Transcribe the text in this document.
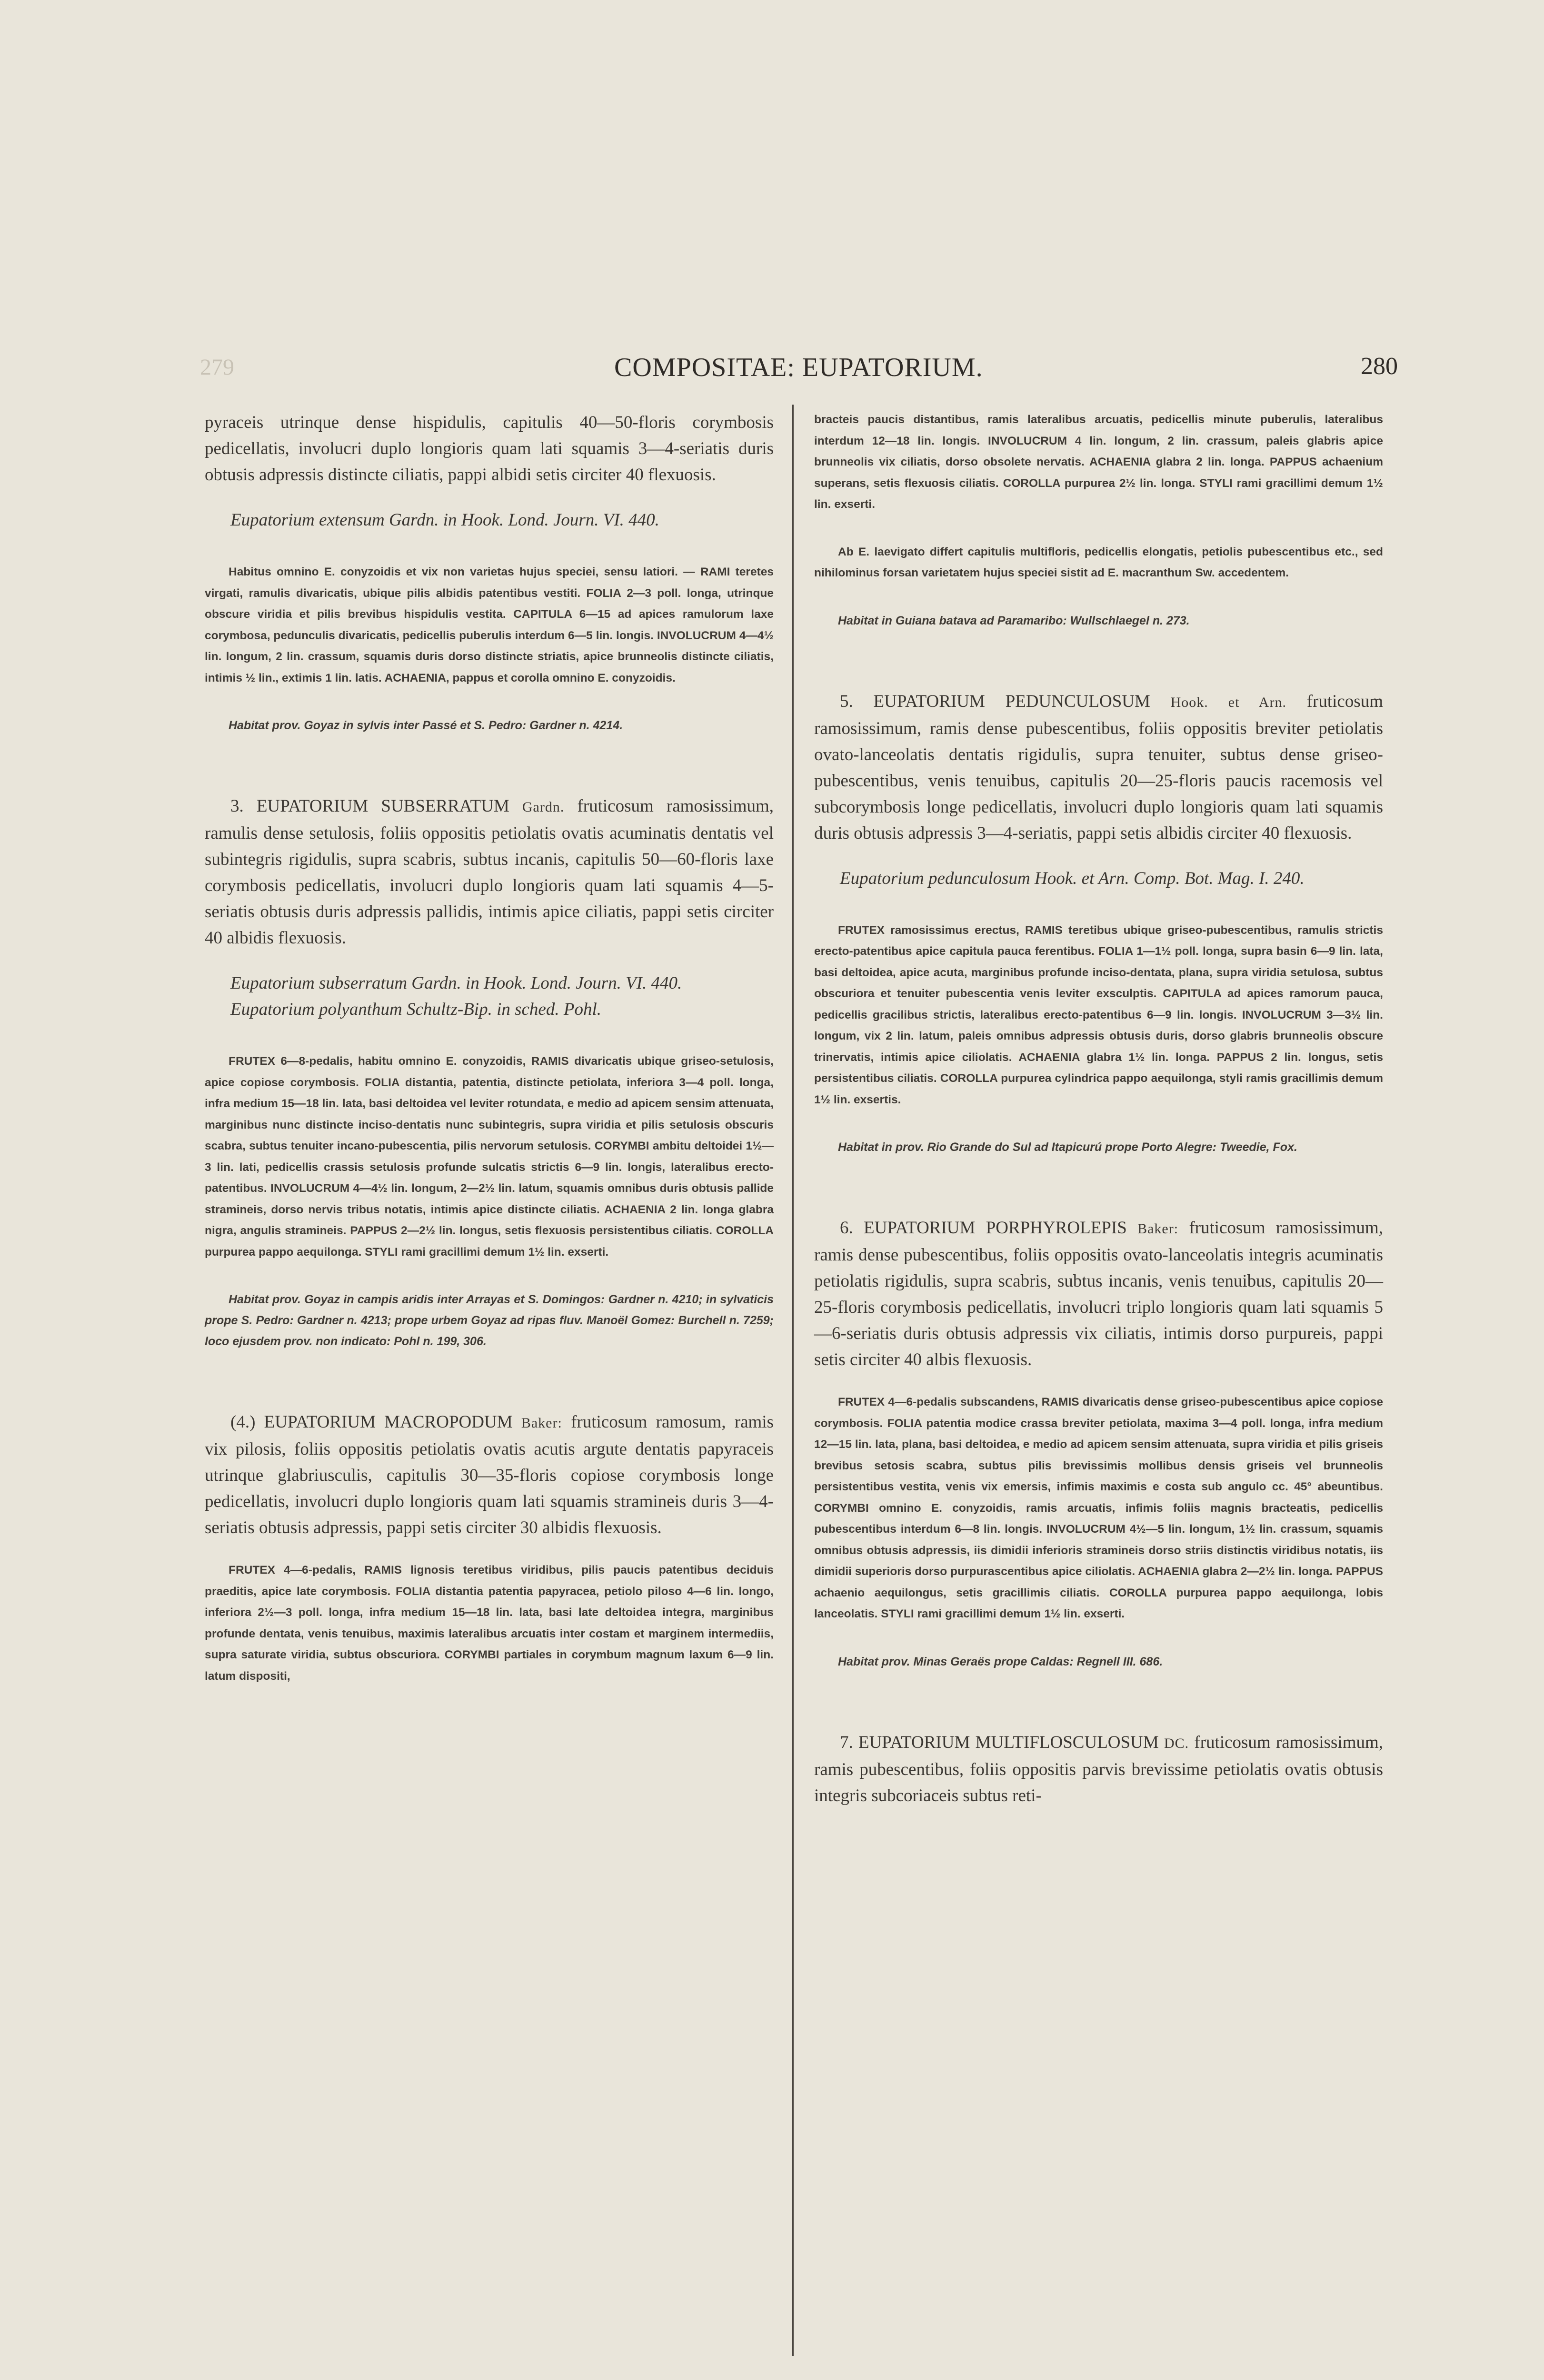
279	COMPOSITAE: EUPATORIUM.	280

pyraceis utrinque dense hispidulis, capitulis 40—50-floris corymbosis pedicellatis, involucri duplo longioris quam lati squamis 3—4-seriatis duris obtusis adpressis distincte ciliatis, pappi albidi setis circiter 40 flexuosis.

Eupatorium extensum Gardn. in Hook. Lond. Journ. VI. 440.

Habitus omnino E. conyzoidis et vix non varietas hujus speciei, sensu latiori. — RAMI teretes virgati, ramulis divaricatis, ubique pilis albidis patentibus vestiti. FOLIA 2—3 poll. longa, utrinque obscure viridia et pilis brevibus hispidulis vestita. CAPITULA 6—15 ad apices ramulorum laxe corymbosa, pedunculis divaricatis, pedicellis puberulis interdum 6—5 lin. longis. INVOLUCRUM 4—4½ lin. longum, 2 lin. crassum, squamis duris dorso distincte striatis, apice brunneolis distincte ciliatis, intimis ½ lin., extimis 1 lin. latis. ACHAENIA, pappus et corolla omnino E. conyzoidis.

Habitat prov. Goyaz in sylvis inter Passé et S. Pedro: Gardner n. 4214.

3. EUPATORIUM SUBSERRATUM Gardn. fruticosum ramosissimum, ramulis dense setulosis, foliis oppositis petiolatis ovatis acuminatis dentatis vel subintegris rigidulis, supra scabris, subtus incanis, capitulis 50—60-floris laxe corymbosis pedicellatis, involucri duplo longioris quam lati squamis 4—5-seriatis obtusis duris adpressis pallidis, intimis apice ciliatis, pappi setis circiter 40 albidis flexuosis.

Eupatorium subserratum Gardn. in Hook. Lond. Journ. VI. 440.

Eupatorium polyanthum Schultz-Bip. in sched. Pohl.

FRUTEX 6—8-pedalis, habitu omnino E. conyzoidis, RAMIS divaricatis ubique griseo-setulosis, apice copiose corymbosis. FOLIA distantia, patentia, distincte petiolata, inferiora 3—4 poll. longa, infra medium 15—18 lin. lata, basi deltoidea vel leviter rotundata, e medio ad apicem sensim attenuata, marginibus nunc distincte inciso-dentatis nunc subintegris, supra viridia et pilis setulosis obscuris scabra, subtus tenuiter incano-pubescentia, pilis nervorum setulosis. CORYMBI ambitu deltoidei 1½—3 lin. lati, pedicellis crassis setulosis profunde sulcatis strictis 6—9 lin. longis, lateralibus erecto-patentibus. INVOLUCRUM 4—4½ lin. longum, 2—2½ lin. latum, squamis omnibus duris obtusis pallide stramineis, dorso nervis tribus notatis, intimis apice distincte ciliatis. ACHAENIA 2 lin. longa glabra nigra, angulis stramineis. PAPPUS 2—2½ lin. longus, setis flexuosis persistentibus ciliatis. COROLLA purpurea pappo aequilonga. STYLI rami gracillimi demum 1½ lin. exserti.

Habitat prov. Goyaz in campis aridis inter Arrayas et S. Domingos: Gardner n. 4210; in sylvaticis prope S. Pedro: Gardner n. 4213; prope urbem Goyaz ad ripas fluv. Manoël Gomez: Burchell n. 7259; loco ejusdem prov. non indicato: Pohl n. 199, 306.

(4.) EUPATORIUM MACROPODUM Baker: fruticosum ramosum, ramis vix pilosis, foliis oppositis petiolatis ovatis acutis argute dentatis papyraceis utrinque glabriusculis, capitulis 30—35-floris copiose corymbosis longe pedicellatis, involucri duplo longioris quam lati squamis stramineis duris 3—4-seriatis obtusis adpressis, pappi setis circiter 30 albidis flexuosis.

FRUTEX 4—6-pedalis, RAMIS lignosis teretibus viridibus, pilis paucis patentibus deciduis praeditis, apice late corymbosis. FOLIA distantia patentia papyracea, petiolo piloso 4—6 lin. longo, inferiora 2½—3 poll. longa, infra medium 15—18 lin. lata, basi late deltoidea integra, marginibus profunde dentata, venis tenuibus, maximis lateralibus arcuatis inter costam et marginem intermediis, supra saturate viridia, subtus obscuriora. CORYMBI partiales in corymbum magnum laxum 6—9 lin. latum dispositi,

bracteis paucis distantibus, ramis lateralibus arcuatis, pedicellis minute puberulis, lateralibus interdum 12—18 lin. longis. INVOLUCRUM 4 lin. longum, 2 lin. crassum, paleis glabris apice brunneolis vix ciliatis, dorso obsolete nervatis. ACHAENIA glabra 2 lin. longa. PAPPUS achaenium superans, setis flexuosis ciliatis. COROLLA purpurea 2½ lin. longa. STYLI rami gracillimi demum 1½ lin. exserti.

Ab E. laevigato differt capitulis multifloris, pedicellis elongatis, petiolis pubescentibus etc., sed nihilominus forsan varietatem hujus speciei sistit ad E. macranthum Sw. accedentem.

Habitat in Guiana batava ad Paramaribo: Wullschlaegel n. 273.

5. EUPATORIUM PEDUNCULOSUM Hook. et Arn. fruticosum ramosissimum, ramis dense pubescentibus, foliis oppositis breviter petiolatis ovato-lanceolatis dentatis rigidulis, supra tenuiter, subtus dense griseo-pubescentibus, venis tenuibus, capitulis 20—25-floris paucis racemosis vel subcorymbosis longe pedicellatis, involucri duplo longioris quam lati squamis duris obtusis adpressis 3—4-seriatis, pappi setis albidis circiter 40 flexuosis.

Eupatorium pedunculosum Hook. et Arn. Comp. Bot. Mag. I. 240.

FRUTEX ramosissimus erectus, RAMIS teretibus ubique griseo-pubescentibus, ramulis strictis erecto-patentibus apice capitula pauca ferentibus. FOLIA 1—1½ poll. longa, supra basin 6—9 lin. lata, basi deltoidea, apice acuta, marginibus profunde inciso-dentata, plana, supra viridia setulosa, subtus obscuriora et tenuiter pubescentia venis leviter exsculptis. CAPITULA ad apices ramorum pauca, pedicellis gracilibus strictis, lateralibus erecto-patentibus 6—9 lin. longis. INVOLUCRUM 3—3½ lin. longum, vix 2 lin. latum, paleis omnibus adpressis obtusis duris, dorso glabris brunneolis obscure trinervatis, intimis apice ciliolatis. ACHAENIA glabra 1½ lin. longa. PAPPUS 2 lin. longus, setis persistentibus ciliatis. COROLLA purpurea cylindrica pappo aequilonga, styli ramis gracillimis demum 1½ lin. exsertis.

Habitat in prov. Rio Grande do Sul ad Itapicurú prope Porto Alegre: Tweedie, Fox.

6. EUPATORIUM PORPHYROLEPIS Baker: fruticosum ramosissimum, ramis dense pubescentibus, foliis oppositis ovato-lanceolatis integris acuminatis petiolatis rigidulis, supra scabris, subtus incanis, venis tenuibus, capitulis 20—25-floris corymbosis pedicellatis, involucri triplo longioris quam lati squamis 5—6-seriatis duris obtusis adpressis vix ciliatis, intimis dorso purpureis, pappi setis circiter 40 albis flexuosis.

FRUTEX 4—6-pedalis subscandens, RAMIS divaricatis dense griseo-pubescentibus apice copiose corymbosis. FOLIA patentia modice crassa breviter petiolata, maxima 3—4 poll. longa, infra medium 12—15 lin. lata, plana, basi deltoidea, e medio ad apicem sensim attenuata, supra viridia et pilis griseis brevibus setosis scabra, subtus pilis brevissimis mollibus densis griseis vel brunneolis persistentibus vestita, venis vix emersis, infimis maximis e costa sub angulo cc. 45° abeuntibus. CORYMBI omnino E. conyzoidis, ramis arcuatis, infimis foliis magnis bracteatis, pedicellis pubescentibus interdum 6—8 lin. longis. INVOLUCRUM 4½—5 lin. longum, 1½ lin. crassum, squamis omnibus obtusis adpressis, iis dimidii inferioris stramineis dorso striis distinctis viridibus notatis, iis dimidii superioris dorso purpurascentibus apice ciliolatis. ACHAENIA glabra 2—2½ lin. longa. PAPPUS achaenio aequilongus, setis gracillimis ciliatis. COROLLA purpurea pappo aequilonga, lobis lanceolatis. STYLI rami gracillimi demum 1½ lin. exserti.

Habitat prov. Minas Geraës prope Caldas: Regnell III. 686.

7. EUPATORIUM MULTIFLOSCULOSUM DC. fruticosum ramosissimum, ramis pubescentibus, foliis oppositis parvis brevissime petiolatis ovatis obtusis integris subcoriaceis subtus reti-
